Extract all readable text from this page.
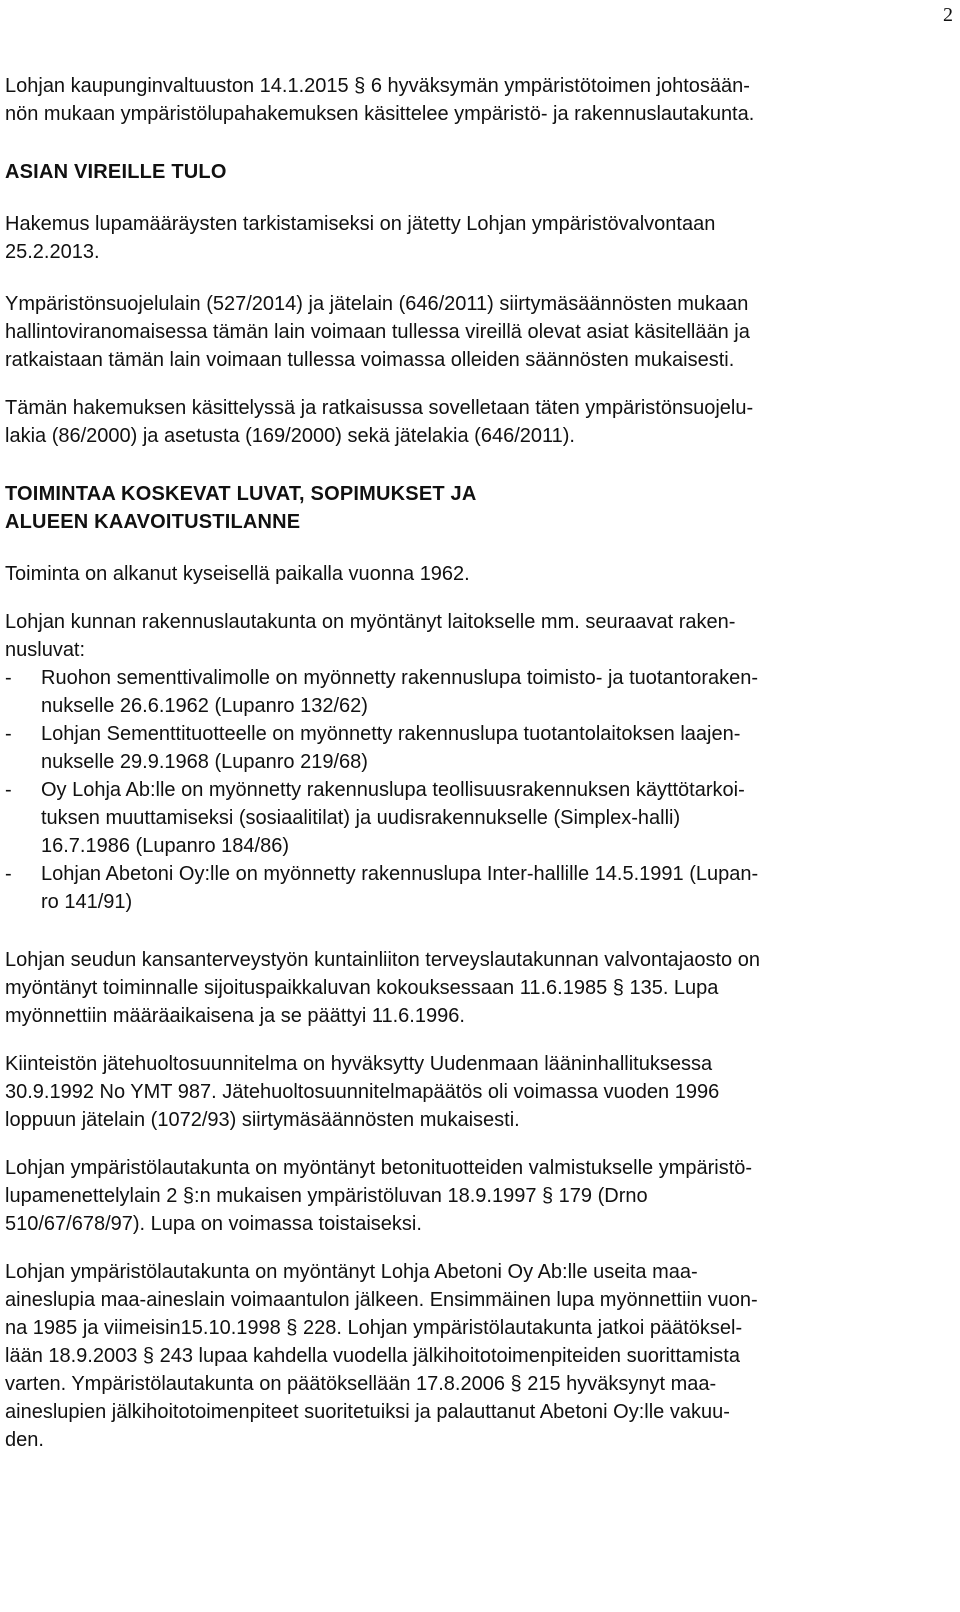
2
Lohjan kaupunginvaltuuston 14.1.2015 § 6 hyväksymän ympäristötoimen johtosään-
nön mukaan ympäristölupahakemuksen käsittelee ympäristö- ja rakennuslautakunta.
ASIAN VIREILLE TULO
Hakemus lupamääräysten tarkistamiseksi on jätetty Lohjan ympäristövalvontaan
25.2.2013.
Ympäristönsuojelulain (527/2014) ja jätelain (646/2011) siirtymäsäännösten mukaan
hallintoviranomaisessa tämän lain voimaan tullessa vireillä olevat asiat käsitellään ja
ratkaistaan tämän lain voimaan tullessa voimassa olleiden säännösten mukaisesti.
Tämän hakemuksen käsittelyssä ja ratkaisussa sovelletaan täten ympäristönsuojelu-
lakia (86/2000) ja asetusta (169/2000) sekä jätelakia (646/2011).
TOIMINTAA KOSKEVAT LUVAT, SOPIMUKSET JA
ALUEEN KAAVOITUSTILANNE
Toiminta on alkanut kyseisellä paikalla vuonna 1962.
Lohjan kunnan rakennuslautakunta on myöntänyt laitokselle mm. seuraavat raken-
nusluvat:
-	Ruohon sementtivalimolle on myönnetty rakennuslupa toimisto- ja tuotantoraken-
nukselle 26.6.1962 (Lupanro 132/62)
-	Lohjan Sementtituotteelle on myönnetty rakennuslupa tuotantolaitoksen laajen-
nukselle 29.9.1968 (Lupanro 219/68)
-	Oy Lohja Ab:lle on myönnetty rakennuslupa teollisuusrakennuksen käyttötarkoi-
tuksen muuttamiseksi (sosiaalitilat) ja uudisrakennukselle (Simplex-halli)
16.7.1986 (Lupanro 184/86)
-	Lohjan Abetoni Oy:lle on myönnetty rakennuslupa Inter-hallille 14.5.1991 (Lupan-
ro 141/91)
Lohjan seudun kansanterveystyön kuntainliiton terveyslautakunnan valvontajaosto on
myöntänyt toiminnalle sijoituspaikkaluvan kokouksessaan 11.6.1985 § 135. Lupa
myönnettiin määräaikaisena ja se päättyi 11.6.1996.
Kiinteistön jätehuoltosuunnitelma on hyväksytty Uudenmaan lääninhallituksessa
30.9.1992 No YMT 987. Jätehuoltosuunnitelmapäätös oli voimassa vuoden 1996
loppuun jätelain (1072/93) siirtymäsäännösten mukaisesti.
Lohjan ympäristölautakunta on myöntänyt betonituotteiden valmistukselle ympäristö-
lupamenettelylain 2 §:n mukaisen ympäristöluvan 18.9.1997 § 179 (Drno
510/67/678/97). Lupa on voimassa toistaiseksi.
Lohjan ympäristölautakunta on myöntänyt Lohja Abetoni Oy Ab:lle useita maa-
aineslupia maa-aineslain voimaantulon jälkeen. Ensimmäinen lupa myönnettiin vuon-
na 1985 ja viimeisin15.10.1998 § 228. Lohjan ympäristölautakunta jatkoi päätöksel-
lään 18.9.2003 § 243 lupaa kahdella vuodella jälkihoitotoimenpiteiden suorittamista
varten. Ympäristölautakunta on päätöksellään 17.8.2006 § 215 hyväksynyt maa-
aineslupien jälkihoitotoimenpiteet suoritetuiksi ja palauttanut Abetoni Oy:lle vakuu-
den.
